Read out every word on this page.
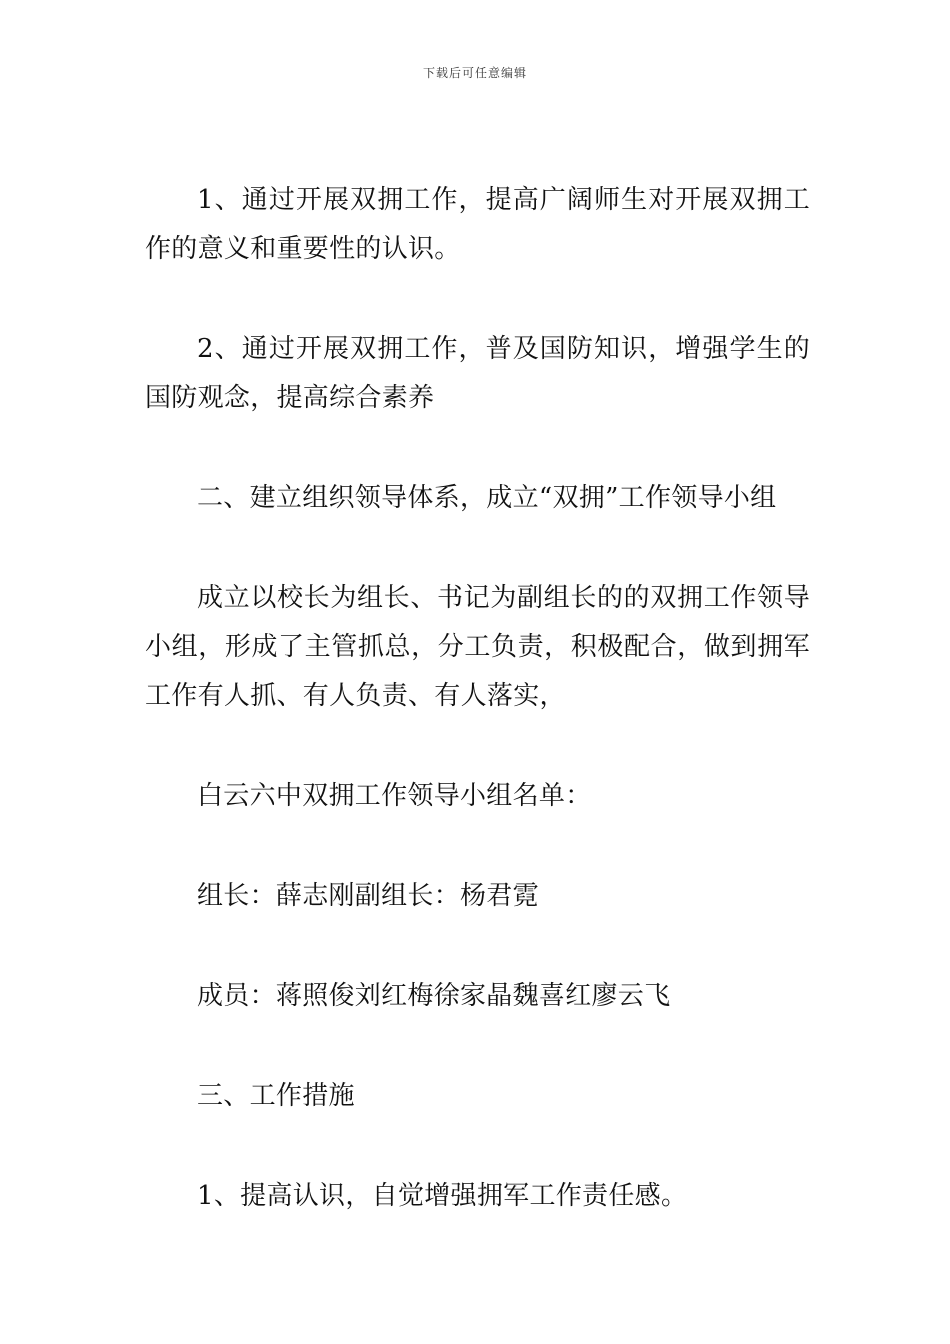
下载后可任意编辑

1、通过开展双拥工作，提高广阔师生对开展双拥工作的意义和重要性的认识。

2、通过开展双拥工作，普及国防知识，增强学生的国防观念，提高综合素养

二、建立组织领导体系，成立“双拥”工作领导小组

成立以校长为组长、书记为副组长的的双拥工作领导小组，形成了主管抓总，分工负责，积极配合，做到拥军工作有人抓、有人负责、有人落实，

白云六中双拥工作领导小组名单：

组长：薛志刚副组长：杨君霓

成员：蒋照俊刘红梅徐家晶魏喜红廖云飞

三、工作措施

1、提高认识，自觉增强拥军工作责任感。
